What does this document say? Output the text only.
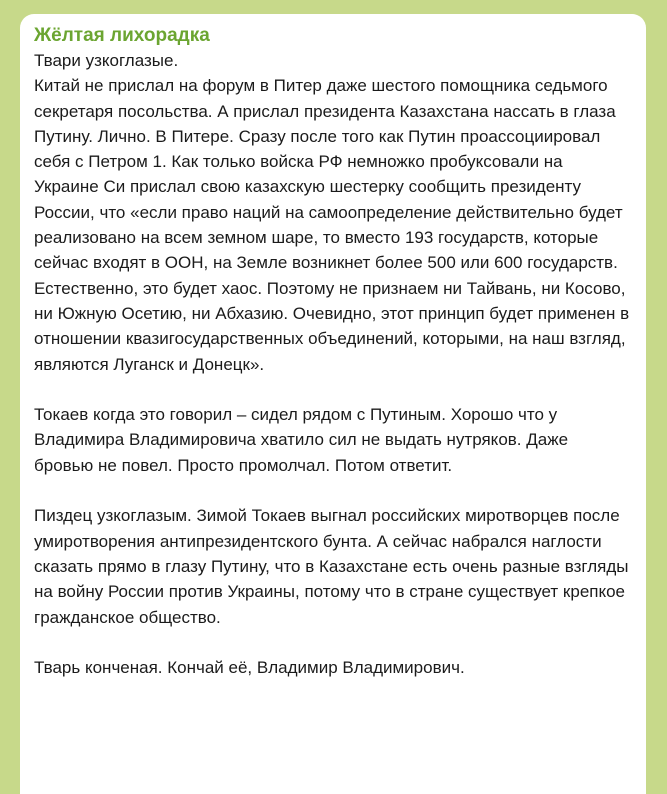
Жёлтая лихорадка

Твари узкоглазые.
Китай не прислал на форум в Питер даже шестого помощника седьмого секретаря посольства. А прислал президента Казахстана нассать в глаза Путину. Лично. В Питере. Сразу после того как Путин проассоциировал себя с Петром 1. Как только войска РФ немножко пробуксовали на Украине Си прислал свою казахскую шестерку сообщить президенту России, что «если право наций на самоопределение действительно будет реализовано на всем земном шаре, то вместо 193 государств, которые сейчас входят в ООН, на Земле возникнет более 500 или 600 государств. Естественно, это будет хаос. Поэтому не признаем ни Тайвань, ни Косово, ни Южную Осетию, ни Абхазию. Очевидно, этот принцип будет применен в отношении квазигосударственных объединений, которыми, на наш взгляд, являются Луганск и Донецк».

Токаев когда это говорил – сидел рядом с Путиным. Хорошо что у Владимира Владимировича хватило сил не выдать нутряков. Даже бровью не повел. Просто промолчал. Потом ответит.

Пиздец узкоглазым. Зимой Токаев выгнал российских миротворцев после умиротворения антипрезидентского бунта. А сейчас набрался наглости сказать прямо в глазу Путину, что в Казахстане есть очень разные взгляды на войну России против Украины, потому что в стране существует крепкое гражданское общество.

Тварь конченая. Кончай её, Владимир Владимирович.
